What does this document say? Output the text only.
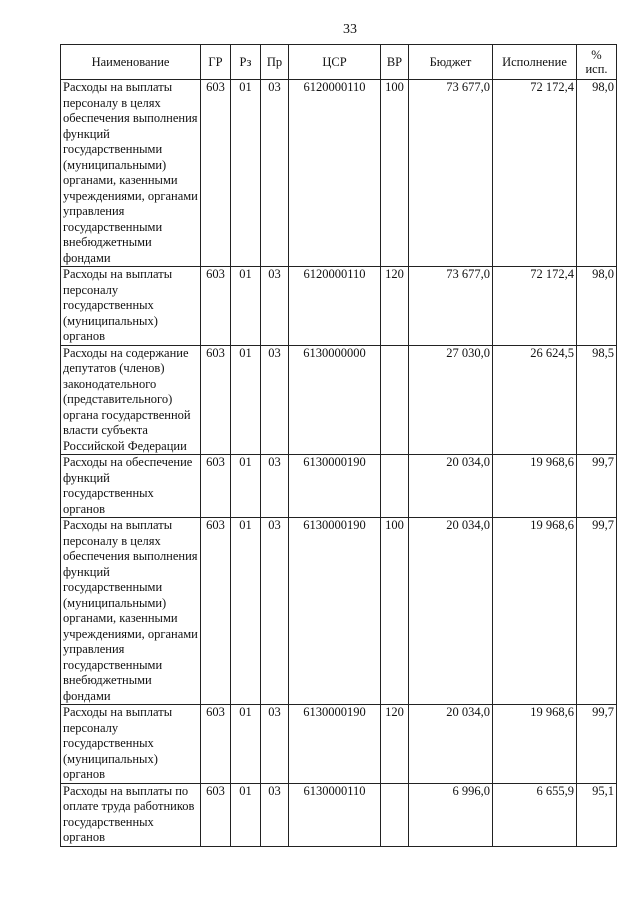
33
Наименование	ГР	Рз	Пр	ЦСР	ВР	Бюджет	Исполнение	% исп.
Расходы на выплаты персоналу в целях обеспечения выполнения функций государственными (муниципальными) органами, казенными учреждениями, органами управления государственными внебюджетными фондами	603	01	03	6120000110	100	73 677,0	72 172,4	98,0
Расходы на выплаты персоналу государственных (муниципальных) органов	603	01	03	6120000110	120	73 677,0	72 172,4	98,0
Расходы на содержание депутатов (членов) законодательного (представительного) органа государственной власти субъекта Российской Федерации	603	01	03	6130000000		27 030,0	26 624,5	98,5
Расходы на обеспечение функций государственных органов	603	01	03	6130000190		20 034,0	19 968,6	99,7
Расходы на выплаты персоналу в целях обеспечения выполнения функций государственными (муниципальными) органами, казенными учреждениями, органами управления государственными внебюджетными фондами	603	01	03	6130000190	100	20 034,0	19 968,6	99,7
Расходы на выплаты персоналу государственных (муниципальных) органов	603	01	03	6130000190	120	20 034,0	19 968,6	99,7
Расходы на выплаты по оплате труда работников государственных органов	603	01	03	6130000110		6 996,0	6 655,9	95,1
